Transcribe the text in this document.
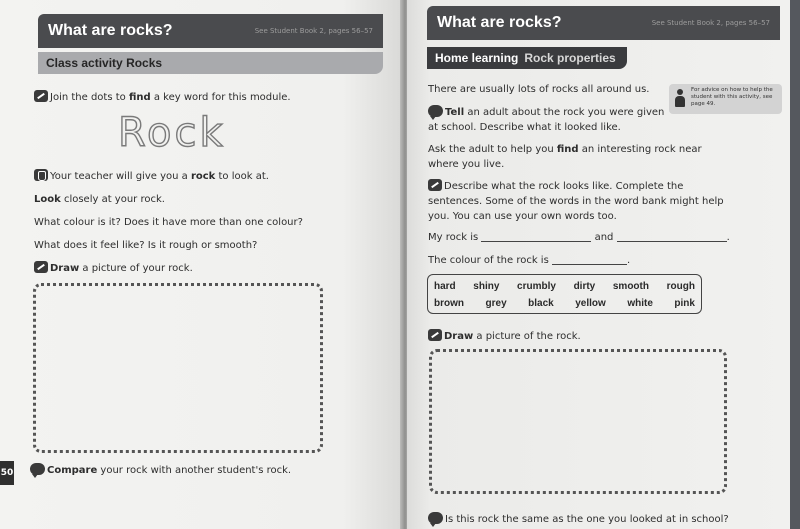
What are rocks?	See Student Book 2, pages 56–57
Class activity
Rocks
Join the dots to find a key word for this module.
Rock
Your teacher will give you a rock to look at.
Look closely at your rock.
What colour is it? Does it have more than one colour?
What does it feel like? Is it rough or smooth?
Draw a picture of your rock.
50	Compare your rock with another student's rock.
What are rocks?	See Student Book 2, pages 56–57
Home learning Rock properties
There are usually lots of rocks all around us.	For advice on how to help the student with this activity, see page 49.
Tell an adult about the rock you were given at school. Describe what it looked like.
Ask the adult to help you find an interesting rock near where you live.
Describe what the rock looks like. Complete the sentences. Some of the words in the word bank might help you. You can use your own words too.
My rock is	and	.
The colour of the rock is	.
hard shiny crumbly dirty smooth rough
brown grey black yellow white pink
Draw a picture of the rock.
Is this rock the same as the one you looked at in school?
